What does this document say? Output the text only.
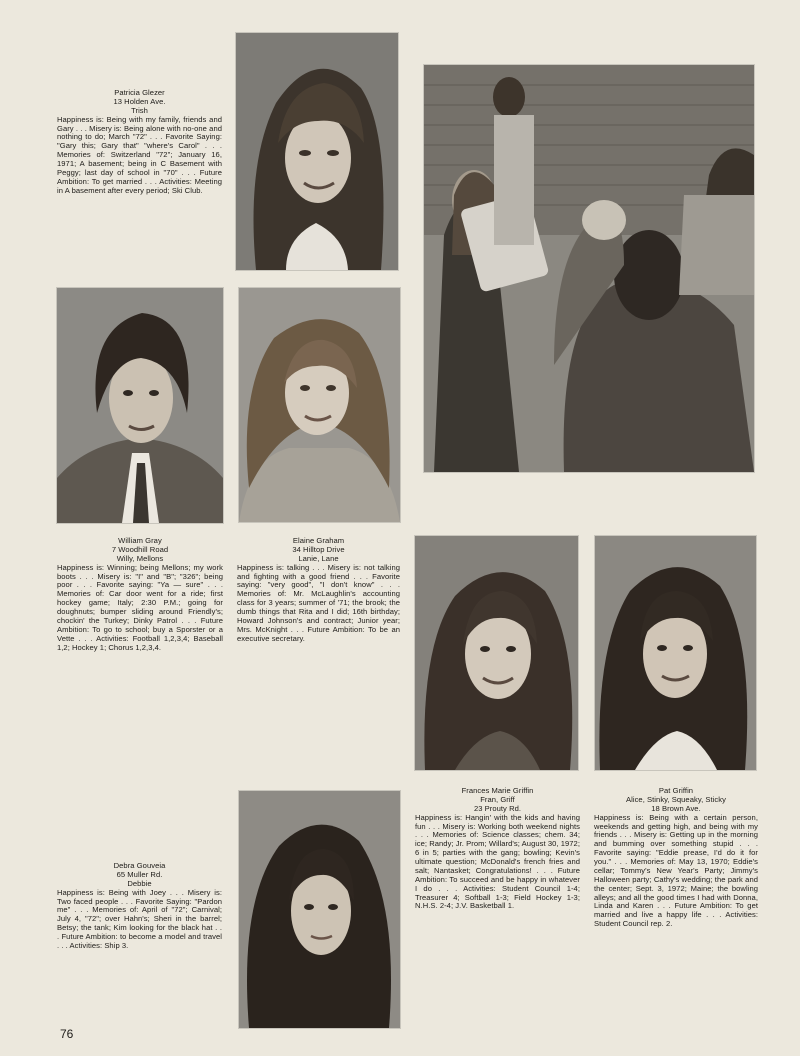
Patricia Glezer
13 Holden Ave.
Trish
Happiness is: Being with my family, friends and Gary . . . Misery is: Being alone with no-one and nothing to do; March "72" . . . Favorite Saying: "Gary this; Gary that" "where's Carol" . . . Memories of: Switzerland "72"; January 16, 1971; A basement; being in C Basement with Peggy; last day of school in "70" . . . Future Ambition: To get married . . . Activities: Meeting in A basement after every period; Ski Club.
William Gray
7 Woodhill Road
Willy, Mellons
Happiness is: Winning; being Mellons; my work boots . . . Misery is: "I" and "B"; "326"; being poor . . . Favorite saying: "Ya — sure" . . . Memories of: Car door went for a ride; first hockey game; Italy; 2:30 P.M.; going for doughnuts; bumper sliding around Friendly's; chockin' the Turkey; Dinky Patrol . . . Future Ambition: To go to school; buy a Sporster or a Vette . . . Activities: Football 1,2,3,4; Baseball 1,2; Hockey 1; Chorus 1,2,3,4.
Elaine Graham
34 Hilltop Drive
Lanie, Lane
Happiness is: talking . . . Misery is: not talking and fighting with a good friend . . . Favorite saying: "very good", "I don't know" . . . Memories of: Mr. McLaughlin's accounting class for 3 years; summer of '71; the brook; the dumb things that Rita and I did; 16th birthday; Howard Johnson's and contract; Junior year; Mrs. McKnight . . . Future Ambition: To be an executive secretary.
Frances Marie Griffin
Fran, Griff
23 Prouty Rd.
Happiness is: Hangin' with the kids and having fun . . . Misery is: Working both weekend nights . . . Memories of: Science classes; chem. 34; ice; Randy; Jr. Prom; Willard's; August 30, 1972; 6 in 5; parties with the gang; bowling; Kevin's ultimate question; McDonald's french fries and salt; Nantasket; Congratulations! . . . Future Ambition: To succeed and be happy in whatever I do . . . Activities: Student Council 1-4; Treasurer 4; Softball 1-3; Field Hockey 1-3; N.H.S. 2-4; J.V. Basketball 1.
Pat Griffin
Alice, Stinky, Squeaky, Sticky
18 Brown Ave.
Happiness is: Being with a certain person, weekends and getting high, and being with my friends . . . Misery is: Getting up in the morning and bumming over something stupid . . . Favorite saying: "Eddie prease, I'd do it for you." . . . Memories of: May 13, 1970; Eddie's cellar; Tommy's New Year's Party; Jimmy's Halloween party; Cathy's wedding; the park and the center; Sept. 3, 1972; Maine; the bowling alleys; and all the good times I had with Donna, Linda and Karen . . . Future Ambition: To get married and live a happy life . . . Activities: Student Council rep. 2.
Debra Gouveia
65 Muller Rd.
Debbie
Happiness is: Being with Joey . . . Misery is: Two faced people . . . Favorite Saying: "Pardon me" . . . Memories of: April of "72"; Carnival; July 4, "72"; over Hahn's; Sheri in the barrel; Betsy; the tank; Kim looking for the black hat . . . Future Ambition: to become a model and travel . . . Activities: Ship 3.
76
